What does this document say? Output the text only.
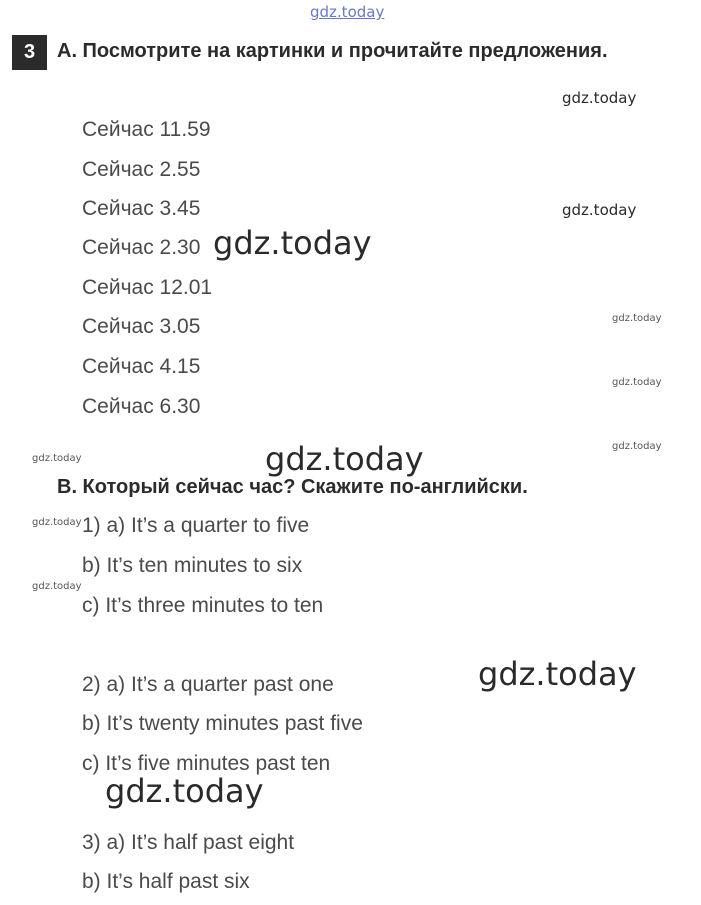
gdz.today
3	A. Посмотрите на картинки и прочитайте предложения.
Сейчас 11.59
Сейчас 2.55
Сейчас 3.45
Сейчас 2.30
Сейчас 12.01
Сейчас 3.05
Сейчас 4.15
Сейчас 6.30
B. Который сейчас час? Скажите по-английски.
1) a) It’s a quarter to five
b) It’s ten minutes to six
c) It’s three minutes to ten
2) a) It’s a quarter past one
b) It’s twenty minutes past five
c) It’s five minutes past ten
3) a) It’s half past eight
b) It’s half past six
gdz.today
gdz.today
gdz.today
gdz.today
gdz.today
gdz.today
gdz.today	gdz.today
gdz.today
gdz.today
gdz.today
gdz.today
